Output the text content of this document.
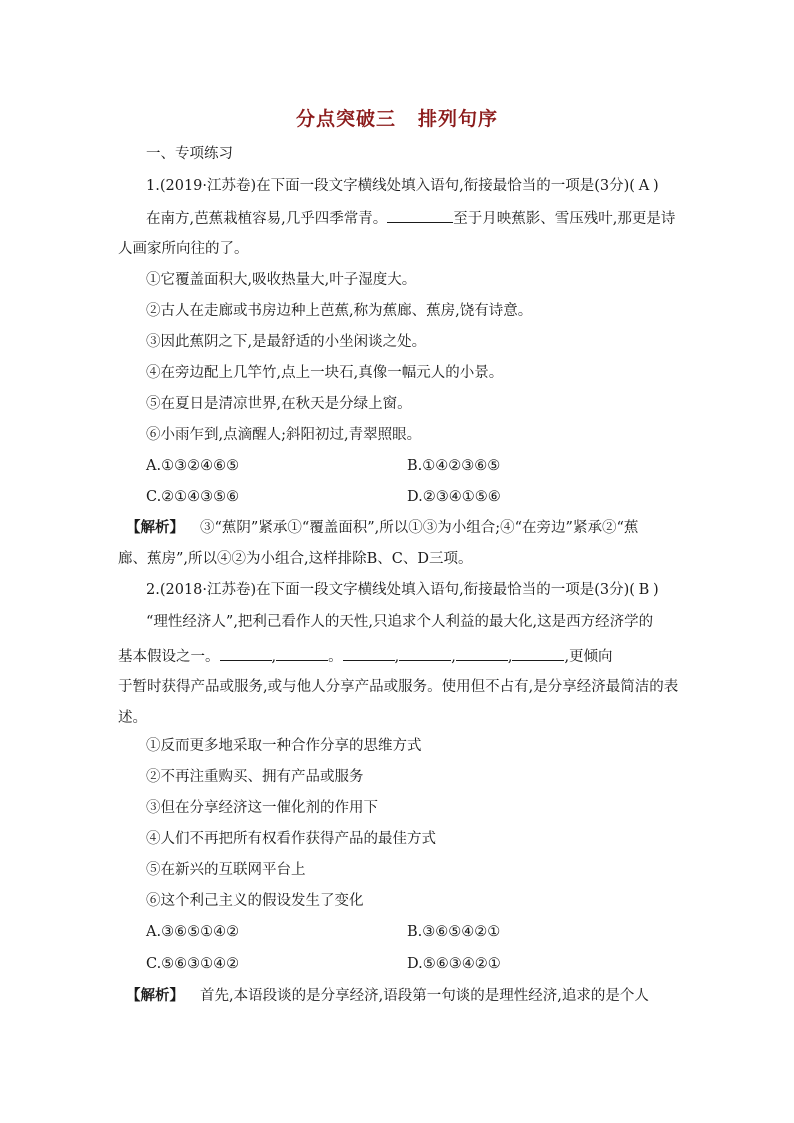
分点突破三 排列句序
一、专项练习
1.(2019·江苏卷)在下面一段文字横线处填入语句,衔接最恰当的一项是(3分)( A )
在南方,芭蕉栽植容易,几乎四季常青。	至于月映蕉影、雪压残叶,那更是诗
人画家所向往的了。
①它覆盖面积大,吸收热量大,叶子湿度大。
②古人在走廊或书房边种上芭蕉,称为蕉廊、蕉房,饶有诗意。
③因此蕉阴之下,是最舒适的小坐闲谈之处。
④在旁边配上几竿竹,点上一块石,真像一幅元人的小景。
⑤在夏日是清凉世界,在秋天是分绿上窗。
⑥小雨乍到,点滴醒人;斜阳初过,青翠照眼。
A.①③②④⑥⑤	B.①④②③⑥⑤
C.②①④③⑤⑥	D.②③④①⑤⑥
【解析】 ③“蕉阴”紧承①“覆盖面积”,所以①③为小组合;④“在旁边”紧承②“蕉
廊、蕉房”,所以④②为小组合,这样排除B、C、D三项。
2.(2018·江苏卷)在下面一段文字横线处填入语句,衔接最恰当的一项是(3分)( B )
“理性经济人”,把利己看作人的天性,只追求个人利益的最大化,这是西方经济学的
基本假设之一。	,	。	,	,	,	,更倾向
于暂时获得产品或服务,或与他人分享产品或服务。使用但不占有,是分享经济最简洁的表
述。
①反而更多地采取一种合作分享的思维方式
②不再注重购买、拥有产品或服务
③但在分享经济这一催化剂的作用下
④人们不再把所有权看作获得产品的最佳方式
⑤在新兴的互联网平台上
⑥这个利己主义的假设发生了变化
A.③⑥⑤①④②	B.③⑥⑤④②①
C.⑤⑥③①④②	D.⑤⑥③④②①
【解析】 首先,本语段谈的是分享经济,语段第一句谈的是理性经济,追求的是个人
